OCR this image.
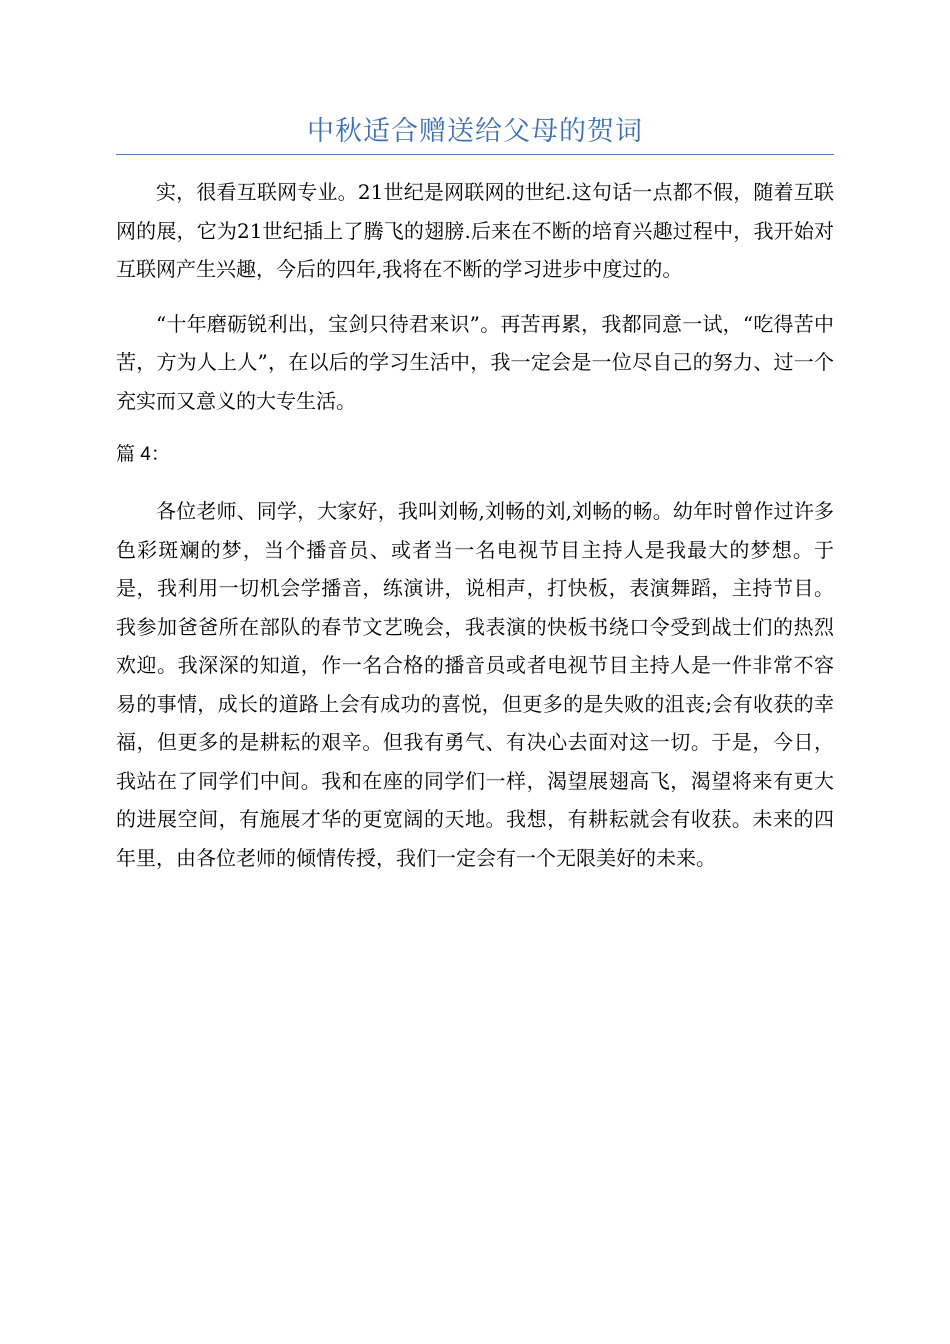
中秋适合赠送给父母的贺词

实，很看互联网专业。21世纪是网联网的世纪.这句话一点都不假，随着互联网的展，它为21世纪插上了腾飞的翅膀.后来在不断的培育兴趣过程中，我开始对互联网产生兴趣，今后的四年,我将在不断的学习进步中度过的。

“十年磨砺锐利出，宝剑只待君来识”。再苦再累，我都同意一试，“吃得苦中苦，方为人上人”，在以后的学习生活中，我一定会是一位尽自己的努力、过一个充实而又意义的大专生活。

篇 4：

各位老师、同学，大家好，我叫刘畅,刘畅的刘,刘畅的畅。幼年时曾作过许多色彩斑斓的梦，当个播音员、或者当一名电视节目主持人是我最大的梦想。于是，我利用一切机会学播音，练演讲，说相声，打快板，表演舞蹈，主持节目。我参加爸爸所在部队的春节文艺晚会，我表演的快板书绕口令受到战士们的热烈欢迎。我深深的知道，作一名合格的播音员或者电视节目主持人是一件非常不容易的事情，成长的道路上会有成功的喜悦，但更多的是失败的沮丧;会有收获的幸福，但更多的是耕耘的艰辛。但我有勇气、有决心去面对这一切。于是，今日，我站在了同学们中间。我和在座的同学们一样，渴望展翅高飞，渴望将来有更大的进展空间，有施展才华的更宽阔的天地。我想，有耕耘就会有收获。未来的四年里，由各位老师的倾情传授，我们一定会有一个无限美好的未来。
